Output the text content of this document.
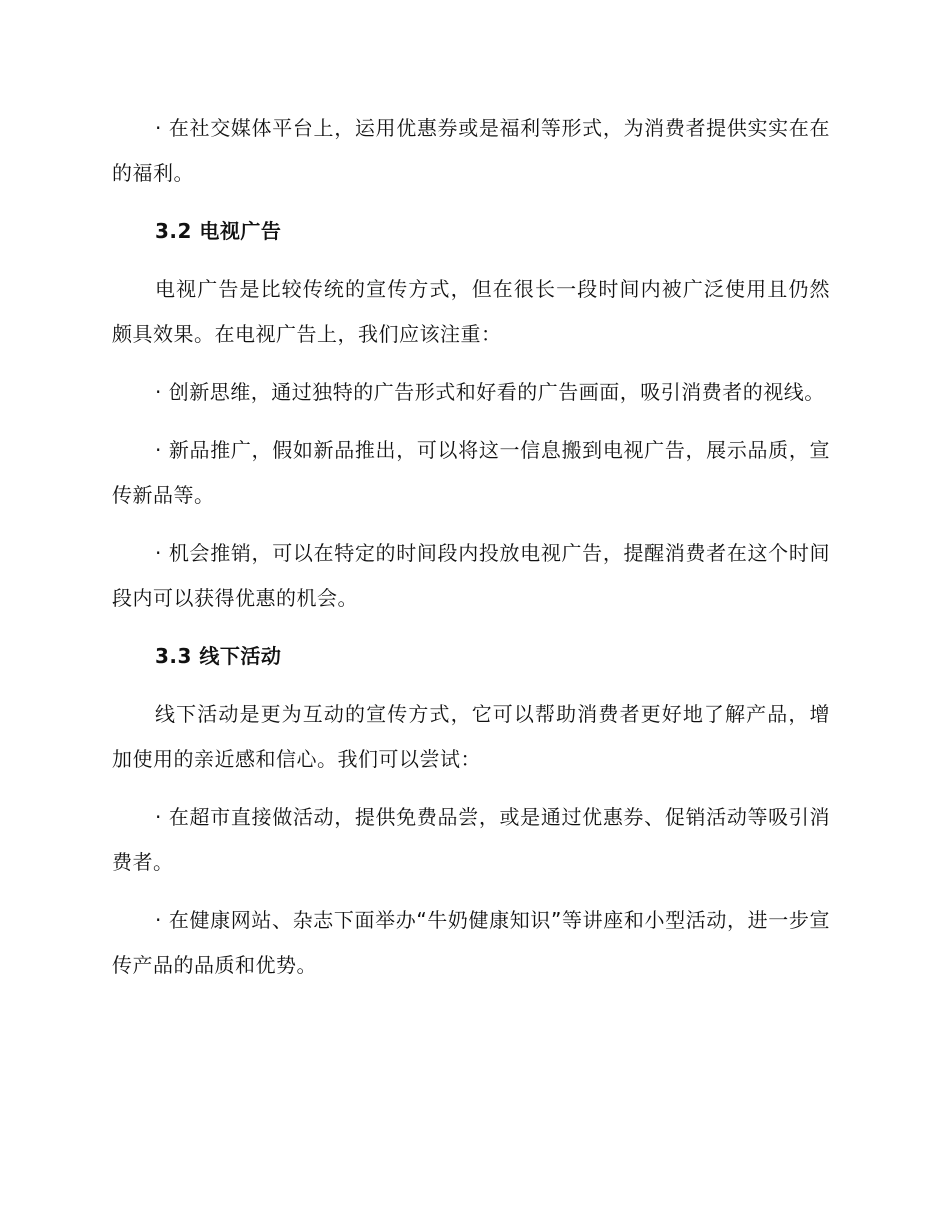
· 在社交媒体平台上，运用优惠券或是福利等形式，为消费者提供实实在在的福利。

3.2 电视广告

电视广告是比较传统的宣传方式，但在很长一段时间内被广泛使用且仍然颇具效果。在电视广告上，我们应该注重：

· 创新思维，通过独特的广告形式和好看的广告画面，吸引消费者的视线。

· 新品推广，假如新品推出，可以将这一信息搬到电视广告，展示品质，宣传新品等。

· 机会推销，可以在特定的时间段内投放电视广告，提醒消费者在这个时间段内可以获得优惠的机会。

3.3 线下活动

线下活动是更为互动的宣传方式，它可以帮助消费者更好地了解产品，增加使用的亲近感和信心。我们可以尝试：

· 在超市直接做活动，提供免费品尝，或是通过优惠券、促销活动等吸引消费者。

· 在健康网站、杂志下面举办“牛奶健康知识”等讲座和小型活动，进一步宣传产品的品质和优势。
